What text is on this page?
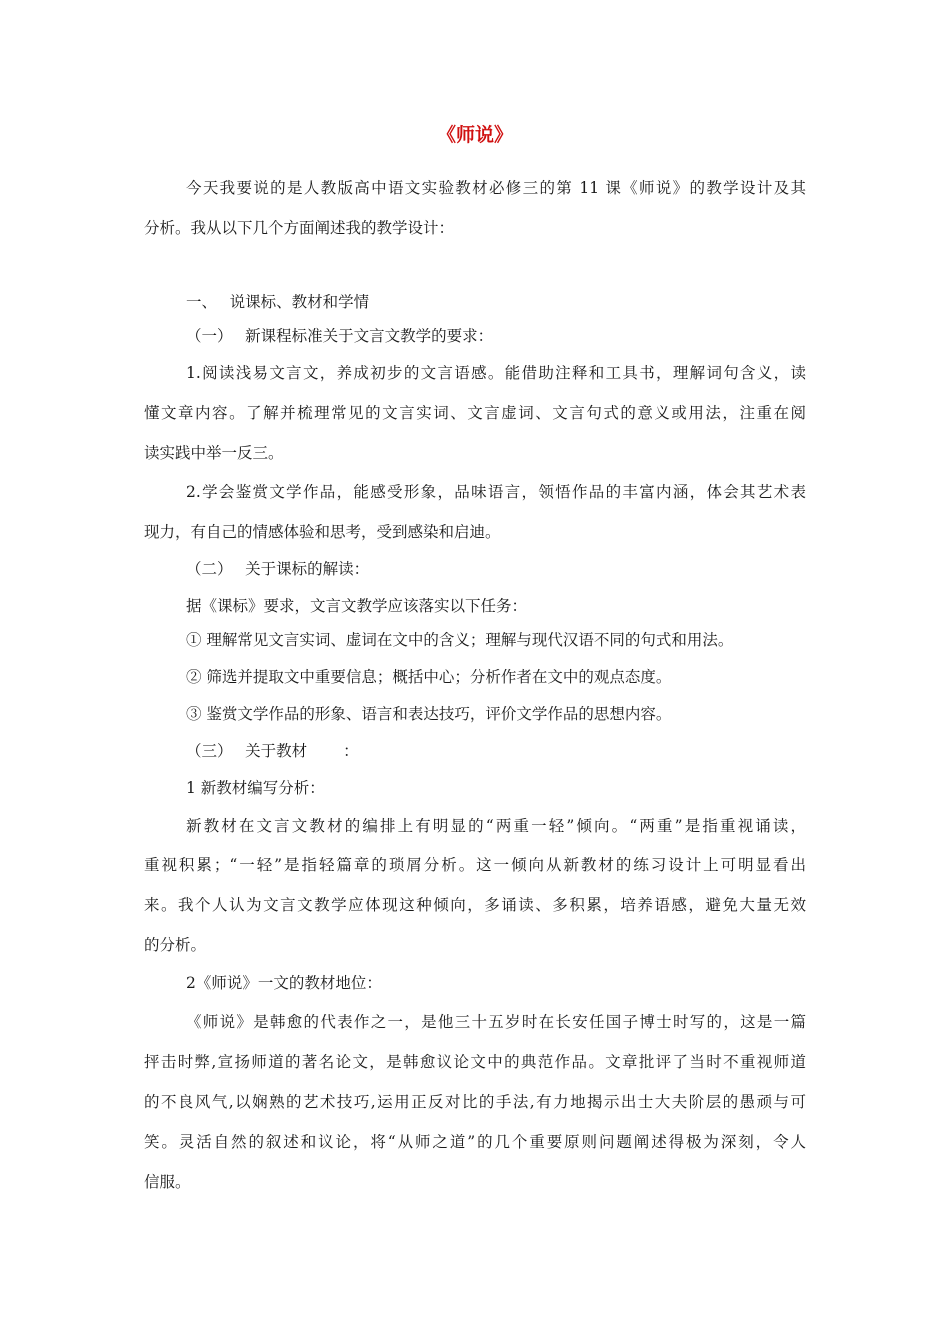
《师说》
今天我要说的是人教版高中语文实验教材必修三的第 11 课《师说》的教学设计及其
分析。我从以下几个方面阐述我的教学设计：
一、　 说课标、教材和学情
（一）　 新课程标准关于文言文教学的要求：
1.阅读浅易文言文，养成初步的文言语感。能借助注释和工具书，理解词句含义，读
懂文章内容。了解并梳理常见的文言实词、文言虚词、文言句式的意义或用法，注重在阅
读实践中举一反三。
2.学会鉴赏文学作品，能感受形象，品味语言，领悟作品的丰富内涵，体会其艺术表
现力，有自己的情感体验和思考，受到感染和启迪。
（二）　 关于课标的解读：
据《课标》要求，文言文教学应该落实以下任务：
① 理解常见文言实词、虚词在文中的含义；理解与现代汉语不同的句式和用法。
② 筛选并提取文中重要信息；概括中心；分析作者在文中的观点态度。
③ 鉴赏文学作品的形象、语言和表达技巧，评价文学作品的思想内容。
（三）　 关于教材　　 ：
1 新教材编写分析：
新教材在文言文教材的编排上有明显的“两重一轻”倾向。“两重”是指重视诵读，
重视积累；“一轻”是指轻篇章的琐屑分析。这一倾向从新教材的练习设计上可明显看出
来。我个人认为文言文教学应体现这种倾向，多诵读、多积累，培养语感，避免大量无效
的分析。
2《师说》一文的教材地位：
《师说》是韩愈的代表作之一，是他三十五岁时在长安任国子博士时写的，这是一篇
抨击时弊,宣扬师道的著名论文，是韩愈议论文中的典范作品。文章批评了当时不重视师道
的不良风气,以娴熟的艺术技巧,运用正反对比的手法,有力地揭示出士大夫阶层的愚顽与可
笑。灵活自然的叙述和议论，将“从师之道”的几个重要原则问题阐述得极为深刻，令人
信服。
